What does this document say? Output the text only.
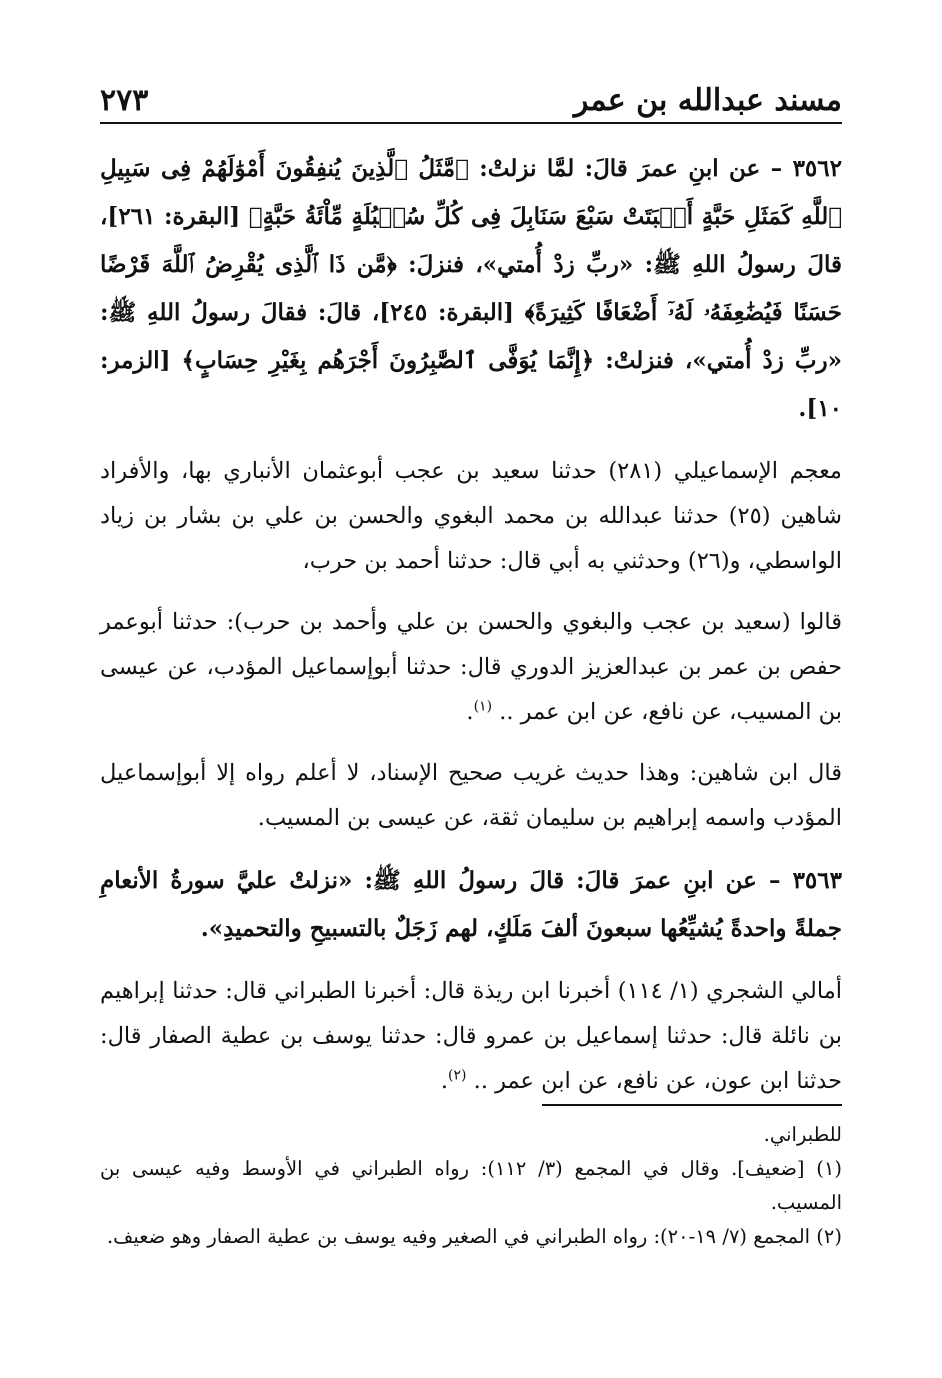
٢٧٣	مسند عبدالله بن عمر

٣٥٦٢ – عن ابنِ عمرَ قالَ: لمَّا نزلتْ: ﴿مَّثَلُ ٱلَّذِينَ يُنفِقُونَ أَمْوَٰلَهُمْ فِى سَبِيلِ ٱللَّهِ كَمَثَلِ حَبَّةٍ أَنۢبَتَتْ سَبْعَ سَنَابِلَ فِى كُلِّ سُنۢبُلَةٍ مِّاْئَةُ حَبَّةٍ﴾ [البقرة: ٢٦١]، قالَ رسولُ اللهِ ﷺ: «ربِّ زدْ أُمتي»، فنزلَ: ﴿مَّن ذَا ٱلَّذِى يُقْرِضُ ٱللَّهَ قَرْضًا حَسَنًا فَيُضَٰعِفَهُۥ لَهُۥٓ أَضْعَافًا كَثِيرَةً﴾ [البقرة: ٢٤٥]، قالَ: فقالَ رسولُ اللهِ ﷺ: «ربِّ زدْ أُمتي»، فنزلتْ: ﴿إِنَّمَا يُوَفَّى ٱلصَّٰبِرُونَ أَجْرَهُم بِغَيْرِ حِسَابٍ﴾ [الزمر: ١٠].

معجم الإسماعيلي (٢٨١) حدثنا سعيد بن عجب أبوعثمان الأنباري بها، والأفراد شاهين (٢٥) حدثنا عبدالله بن محمد البغوي والحسن بن علي بن بشار بن زياد الواسطي، و(٢٦) وحدثني به أبي قال: حدثنا أحمد بن حرب،

قالوا (سعيد بن عجب والبغوي والحسن بن علي وأحمد بن حرب): حدثنا أبوعمر حفص بن عمر بن عبدالعزيز الدوري قال: حدثنا أبوإسماعيل المؤدب، عن عيسى بن المسيب، عن نافع، عن ابن عمر .. $^{(١)}$.

قال ابن شاهين: وهذا حديث غريب صحيح الإسناد، لا أعلم رواه إلا أبوإسماعيل المؤدب واسمه إبراهيم بن سليمان ثقة، عن عيسى بن المسيب.

٣٥٦٣ – عن ابنِ عمرَ قالَ: قالَ رسولُ اللهِ ﷺ: «نزلتْ عليَّ سورةُ الأنعامِ جملةً واحدةً يُشيِّعُها سبعونَ ألفَ مَلَكٍ، لهم زَجَلٌ بالتسبيحِ والتحميدِ».

أمالي الشجري (١/ ١١٤) أخبرنا ابن ريذة قال: أخبرنا الطبراني قال: حدثنا إبراهيم بن نائلة قال: حدثنا إسماعيل بن عمرو قال: حدثنا يوسف بن عطية الصفار قال: حدثنا ابن عون، عن نافع، عن ابن عمر .. $^{(٢)}$.

للطبراني.

(١) [ضعيف]. وقال في المجمع (٣/ ١١٢): رواه الطبراني في الأوسط وفيه عيسى بن المسيب.

(٢) المجمع (٧/ ١٩-٢٠): رواه الطبراني في الصغير وفيه يوسف بن عطية الصفار وهو ضعيف.
